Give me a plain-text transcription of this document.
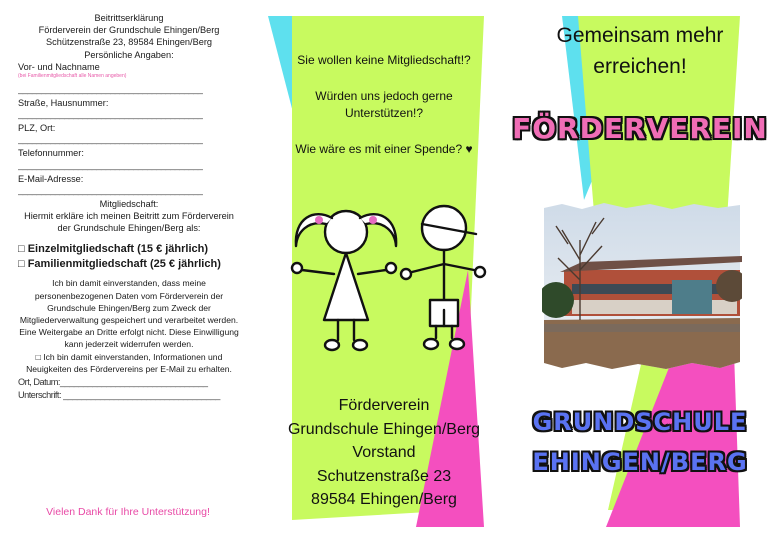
Beitrittserklärung
Förderverein der Grundschule Ehingen/Berg
Schützenstraße 23, 89584 Ehingen/Berg
Persönliche Angaben:
Vor- und Nachname
(bei Familienmitgliedschaft alle Namen angeben)
________________________________________
Straße, Hausnummer:
________________________________________
PLZ, Ort:
________________________________________
Telefonnummer:
________________________________________
E-Mail-Adresse:
________________________________________
Mitgliedschaft:
Hiermit erkläre ich meinen Beitritt zum Förderverein der Grundschule Ehingen/Berg als:
□ Einzelmitgliedschaft (15 € jährlich)
□ Familienmitgliedschaft (25 € jährlich)
Ich bin damit einverstanden, dass meine personenbezogenen Daten vom Förderverein der Grundschule Ehingen/Berg zum Zweck der Mitgliederverwaltung gespeichert und verarbeitet werden. Eine Weitergabe an Dritte erfolgt nicht. Diese Einwilligung kann jederzeit widerrufen werden.
□ Ich bin damit einverstanden, Informationen und Neuigkeiten des Fördervereins per E-Mail zu erhalten.
Ort, Datum:________________________________
Unterschrift: __________________________________
Vielen Dank für Ihre Unterstützung!
Sie wollen keine Mitgliedschaft!?
Würden uns jedoch gerne Unterstützen!?
Wie wäre es mit einer Spende? ♥
Förderverein
Grundschule Ehingen/Berg
Vorstand
Schutzenstraße 23
89584 Ehingen/Berg
Gemeinsam mehr
erreichen!
FÖRDERVEREIN
GRUNDSCHULE
EHINGEN/BERG
